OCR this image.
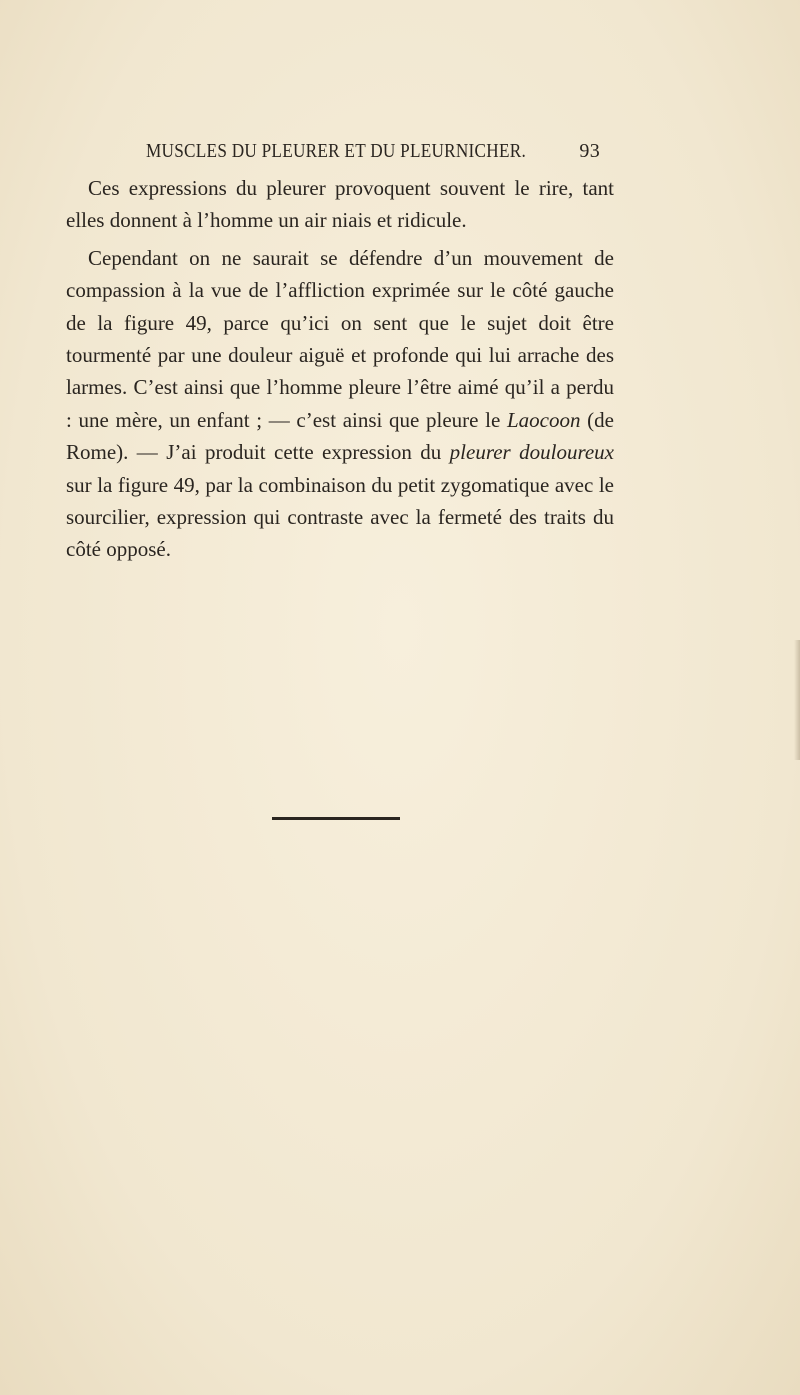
MUSCLES DU PLEURER ET DU PLEURNICHER.	93

Ces expressions du pleurer provoquent souvent le rire, tant elles donnent à l’homme un air niais et ridicule.

Cependant on ne saurait se défendre d’un mouvement de compassion à la vue de l’affliction exprimée sur le côté gauche de la figure 49, parce qu’ici on sent que le sujet doit être tourmenté par une douleur aiguë et profonde qui lui arrache des larmes. C’est ainsi que l’homme pleure l’être aimé qu’il a perdu : une mère, un enfant ; — c’est ainsi que pleure le Laocoon (de Rome). — J’ai produit cette expression du pleurer douloureux sur la figure 49, par la combinaison du petit zygomatique avec le sourcilier, expression qui contraste avec la fermeté des traits du côté opposé.
